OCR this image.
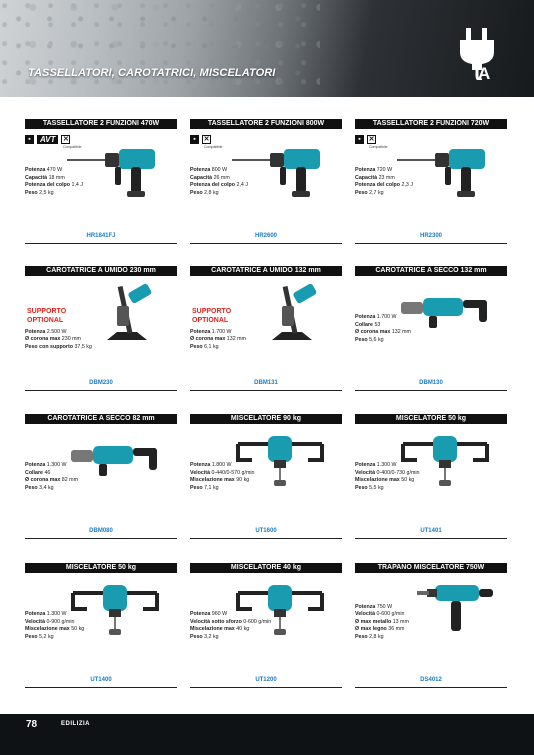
TASSELLATORI, CAROTATRICI, MISCELATORI	A
TASSELLATORE 2 FUNZIONI 470W
▪	AVT	✕
Compatibile
Potenza 470 W
Capacità 18 mm
Potenza del colpo 1,4 J
Peso 2,5 kg
HR1841FJ
TASSELLATORE 2 FUNZIONI 800W
▪	✕
Compatibile
Potenza 800 W
Capacità 26 mm
Potenza del colpo 2,4 J
Peso 2,8 kg
HR2600
TASSELLATORE 2 FUNZIONI 720W
▪	✕
Compatibile
Potenza 720 W
Capacità 23 mm
Potenza del colpo 2,3 J
Peso 2,7 kg
HR2300
CAROTATRICE A UMIDO 230 mm
SUPPORTO
OPTIONAL
Potenza 2.500 W
Ø corona max 230 mm
Peso con supporto 37,5 kg
DBM230
CAROTATRICE A UMIDO 132 mm
SUPPORTO
OPTIONAL
Potenza 1.700 W
Ø corona max 132 mm
Peso 6,1 kg
DBM131
CAROTATRICE A SECCO 132 mm
Potenza 1.700 W
Collare 53
Ø corona max 132 mm
Peso 5,6 kg
DBM130
CAROTATRICE A SECCO 82 mm
Potenza 1.300 W
Collare 46
Ø corona max 82 mm
Peso 3,4 kg
DBM080
MISCELATORE 90 kg
Potenza 1.800 W
Velocità 0-440/0-570 g/min
Miscelazione max 90 kg
Peso 7,1 kg
UT1600
MISCELATORE 50 kg
Potenza 1.300 W
Velocità 0-400/0-730 g/min
Miscelazione max 50 kg
Peso 5,5 kg
UT1401
MISCELATORE 50 kg
Potenza 1.300 W
Velocità 0-900 g/min
Miscelazione max 50 kg
Peso 5,2 kg
UT1400
MISCELATORE 40 kg
Potenza 960 W
Velocità sotto sforzo 0-600 g/min
Miscelazione max 40 kg
Peso 3,2 kg
UT1200
TRAPANO MISCELATORE 750W
Potenza 750 W
Velocità 0-600 g/min
Ø max metallo 13 mm
Ø max legno 36 mm
Peso 2,8 kg
DS4012
78	EDILIZIA
